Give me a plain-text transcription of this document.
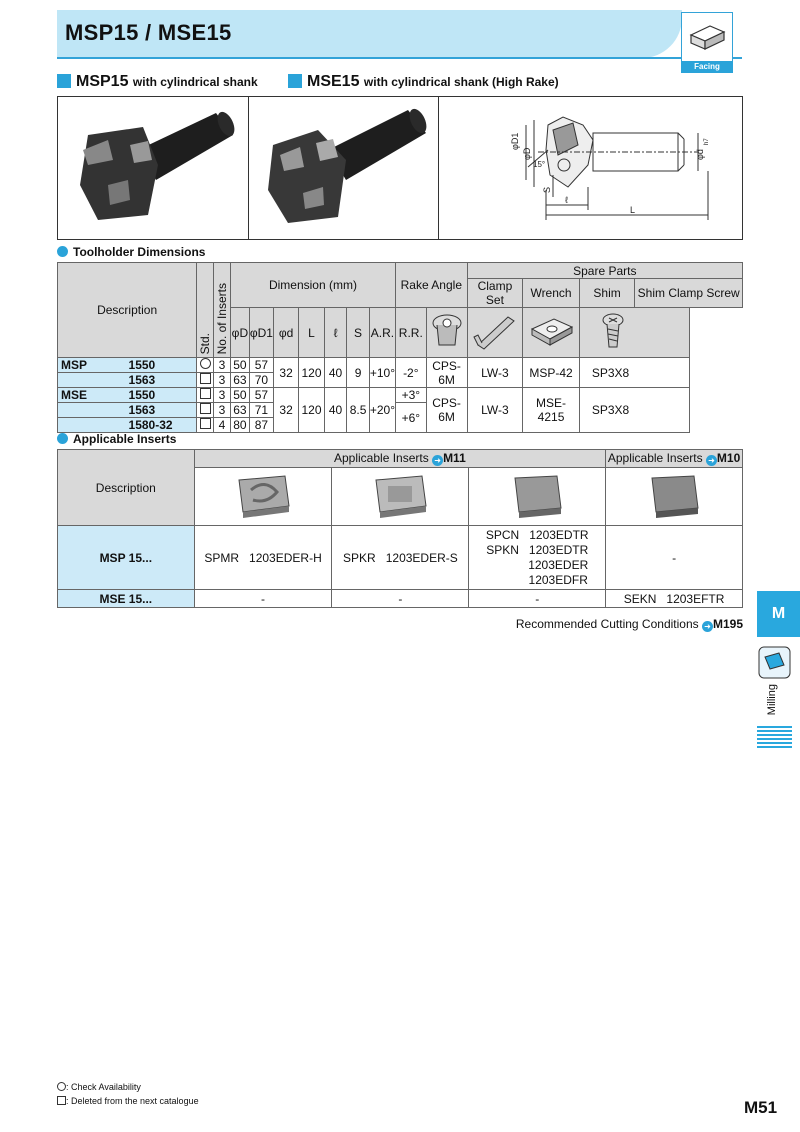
MSP15 / MSE15
Facing
MSP15 with cylindrical shank	MSE15 with cylindrical shank (High Rake)
φD1
φD	φd
h7
15°
S
ℓ
L
Toolholder Dimensions
Description		Std.	No. of Inserts	Dimension (mm)							Rake Angle		Spare Parts			
													Clamp Set	Wrench	Shim	Shim Clamp Screw
				φD	φD1	φd	L	ℓ	S	A.R.	R.R.				
MSP	1550		3	50	57	32	120	40	9	+10°	-2°	CPS-6M	LW-3	MSP-42	SP3X8	
	1563		3	63	70											
MSE	1550		3	50	57	32	120	40	8.5	+20°	+3°	CPS-6M	LW-3	MSE-4215	SP3X8	
	1563		3	63	71						+6°					
	1580-32		4	80	87											
Applicable Inserts
Description	Applicable Inserts ➜ M11			Applicable Inserts ➜ M10

MSP 15...	SPMR 1203EDER-H	SPKR 1203EDER-S	SPCN 1203EDTR
SPKN 1203EDTR
1203EDER
1203EDFR	-
MSE 15...	-	-	-	SEKN 1203EFTR
Recommended Cutting Conditions ➜ M195
M
Milling
: Check Availability
: Deleted from the next catalogue	M51
